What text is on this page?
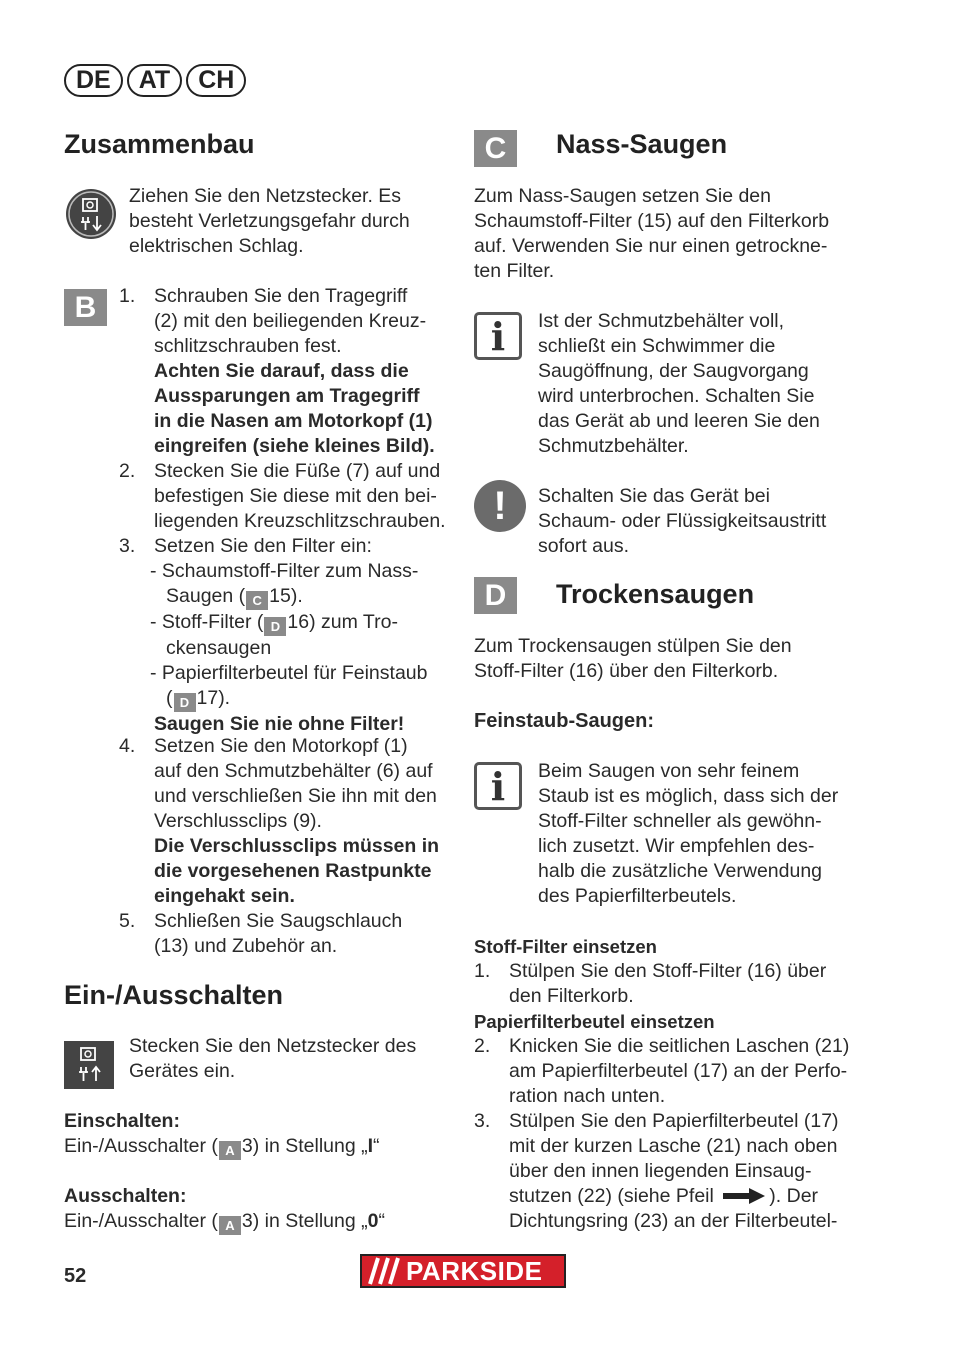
DE	AT	CH
Zusammenbau

Ziehen Sie den Netzstecker. Es

besteht Verletzungsgefahr durch

elektrischen Schlag.

B	1. Schrauben Sie den Tragegriff

(2) mit den beiliegenden Kreuz-

schlitzschrauben fest.

Achten Sie darauf, dass die

Aussparungen am Tragegriff

in die Nasen am Motorkopf (1)

eingreifen (siehe kleines Bild).

2. Stecken Sie die Füße (7) auf und

befestigen Sie diese mit den bei-

liegenden Kreuzschlitzschrauben.

3. Setzen Sie den Filter ein:

- Schaumstoff-Filter zum Nass-

Saugen ( C 15).

- Stoff-Filter ( D 16) zum Tro-

ckensaugen

- Papierfilterbeutel für Feinstaub

( D 17).

Saugen Sie nie ohne Filter!

4. Setzen Sie den Motorkopf (1)

auf den Schmutzbehälter (6) auf

und verschließen Sie ihn mit den

Verschlussclips (9).

Die Verschlussclips müssen in

die vorgesehenen Rastpunkte

eingehakt sein.

5. Schließen Sie Saugschlauch

(13) und Zubehör an.

Ein-/Ausschalten

Stecken Sie den Netzstecker des

Gerätes ein.

Einschalten:

Ein-/Ausschalter ( A 3) in Stellung „I“

Ausschalten:

Ein-/Ausschalter ( A 3) in Stellung „0“

C	Nass-Saugen

Zum Nass-Saugen setzen Sie den

Schaumstoff-Filter (15) auf den Filterkorb

auf. Verwenden Sie nur einen getrockne-

ten Filter.

i	Ist der Schmutzbehälter voll,

schließt ein Schwimmer die

Saugöffnung, der Saugvorgang

wird unterbrochen. Schalten Sie

das Gerät ab und leeren Sie den

Schmutzbehälter.

!	Schalten Sie das Gerät bei

Schaum- oder Flüssigkeitsaustritt

sofort aus.

D	Trockensaugen

Zum Trockensaugen stülpen Sie den

Stoff-Filter (16) über den Filterkorb.

Feinstaub-Saugen:
i	Beim Saugen von sehr feinem

Staub ist es möglich, dass sich der

Stoff-Filter schneller als gewöhn-

lich zusetzt. Wir empfehlen des-

halb die zusätzliche Verwendung

des Papierfilterbeutels.

Stoff-Filter einsetzen
1. Stülpen Sie den Stoff-Filter (16) über

den Filterkorb.

Papierfilterbeutel einsetzen
2. Knicken Sie die seitlichen Laschen (21)

am Papierfilterbeutel (17) an der Perfo-

ration nach unten.

3. Stülpen Sie den Papierfilterbeutel (17)

mit der kurzen Lasche (21) nach oben

über den innen liegenden Einsaug-

stutzen (22) (siehe Pfeil	). Der

Dichtungsring (23) an der Filterbeutel-

52	PARKSIDE
